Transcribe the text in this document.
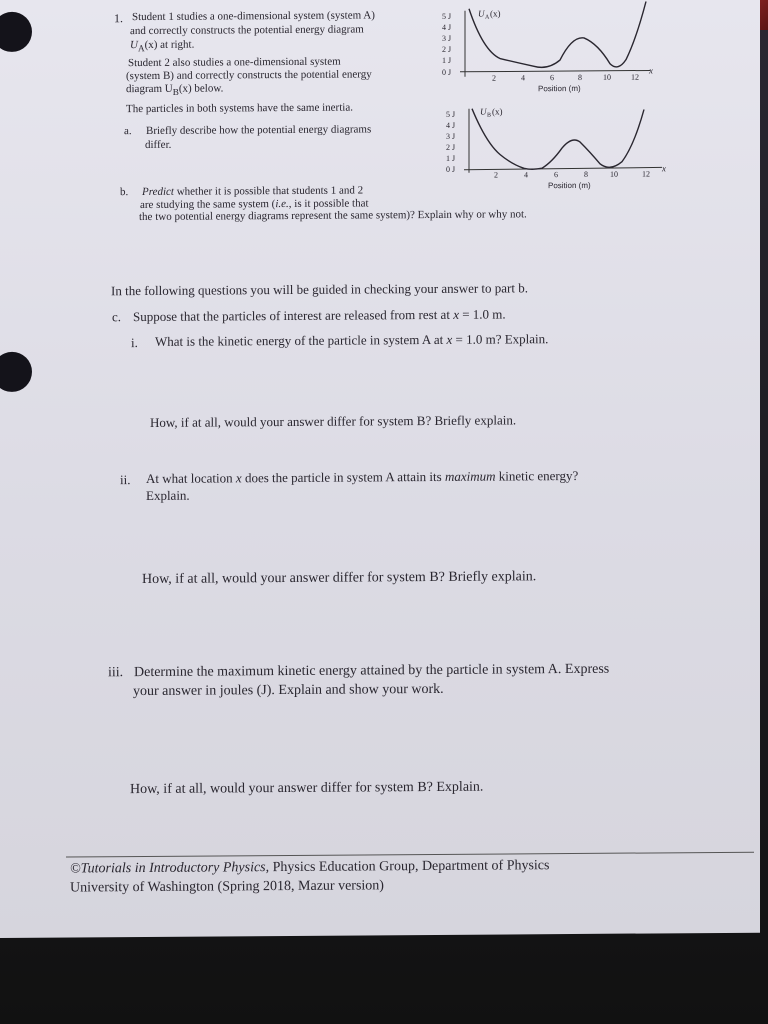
1. Student 1 studies a one-dimensional system (system A)
and correctly constructs the potential energy diagram
$U_A(x)$ at right.
Student 2 also studies a one-dimensional system
(system B) and correctly constructs the potential energy
diagram $U_B(x)$ below.
The particles in both systems have the same inertia.
a. Briefly describe how the potential energy diagrams
differ.
b. Predict whether it is possible that students 1 and 2
are studying the same system (i.e., is it possible that
the two potential energy diagrams represent the same system)? Explain why or why not.
5 J
4 J
3 J
2 J
1 J
0 J
U A (x)
2	4	6	8	10	12
x
Position (m)
5 J
4 J
3 J
2 J
1 J
0 J
U B (x)
2	4	6	8	10	12
x
Position (m)
In the following questions you will be guided in checking your answer to part b.
c. Suppose that the particles of interest are released from rest at x = 1.0 m.
i. What is the kinetic energy of the particle in system A at x = 1.0 m? Explain.
How, if at all, would your answer differ for system B? Briefly explain.
ii. At what location x does the particle in system A attain its maximum kinetic energy?
Explain.
How, if at all, would your answer differ for system B? Briefly explain.
iii. Determine the maximum kinetic energy attained by the particle in system A. Express
your answer in joules (J). Explain and show your work.
How, if at all, would your answer differ for system B? Explain.
©Tutorials in Introductory Physics, Physics Education Group, Department of Physics
University of Washington (Spring 2018, Mazur version)
